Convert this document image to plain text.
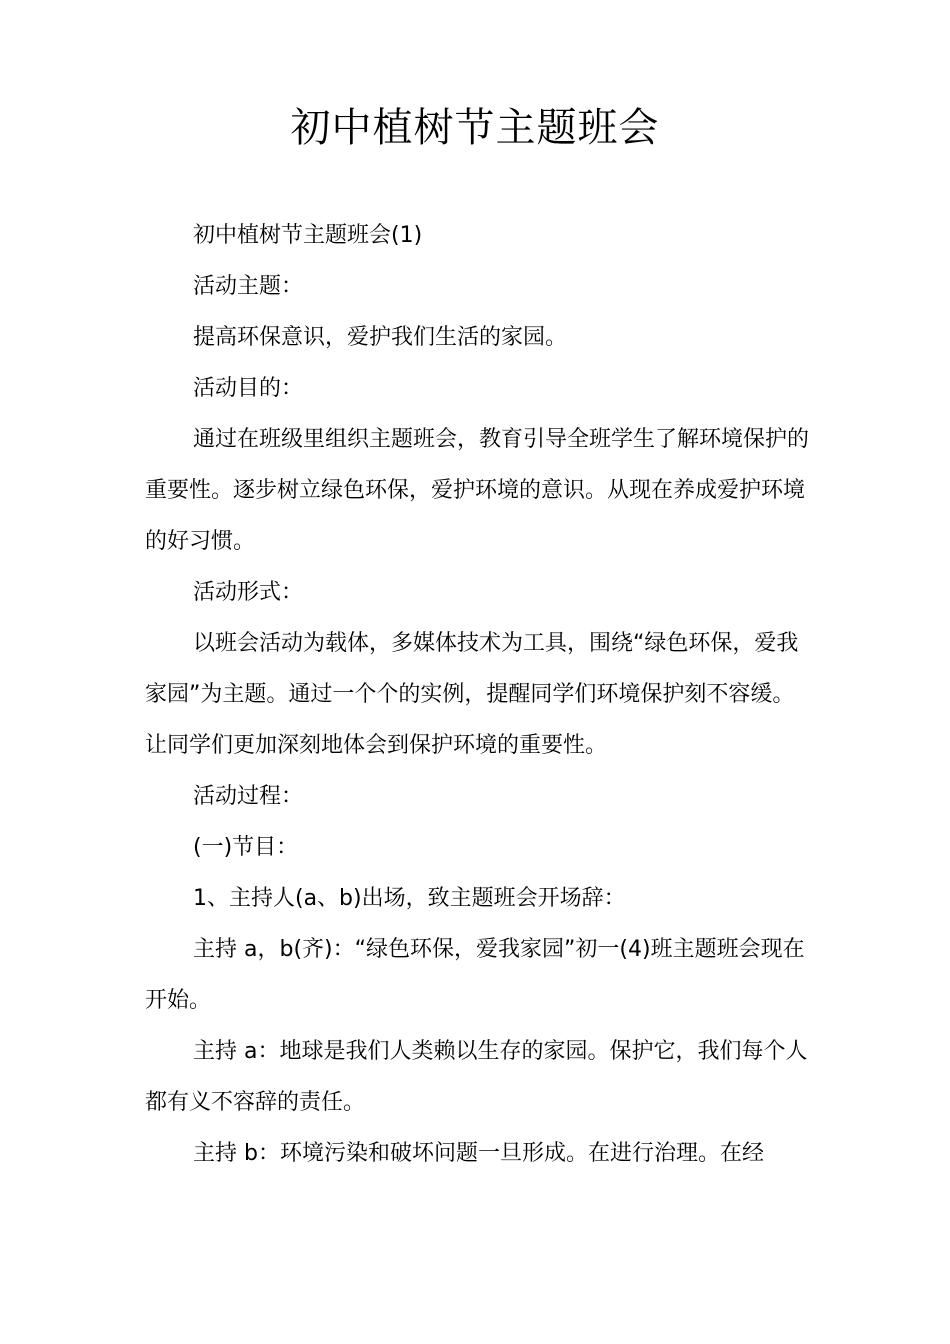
初中植树节主题班会

初中植树节主题班会(1)

活动主题：

提高环保意识，爱护我们生活的家园。

活动目的：

通过在班级里组织主题班会，教育引导全班学生了解环境保护的重要性。逐步树立绿色环保，爱护环境的意识。从现在养成爱护环境的好习惯。

活动形式：

以班会活动为载体，多媒体技术为工具，围绕“绿色环保，爱我家园”为主题。通过一个个的实例，提醒同学们环境保护刻不容缓。让同学们更加深刻地体会到保护环境的重要性。

活动过程：

(一)节目：

1、主持人(a、b)出场，致主题班会开场辞：

主持 a，b(齐)：“绿色环保，爱我家园”初一(4)班主题班会现在开始。

主持 a：地球是我们人类赖以生存的家园。保护它，我们每个人都有义不容辞的责任。

主持 b：环境污染和破坏问题一旦形成。在进行治理。在经
